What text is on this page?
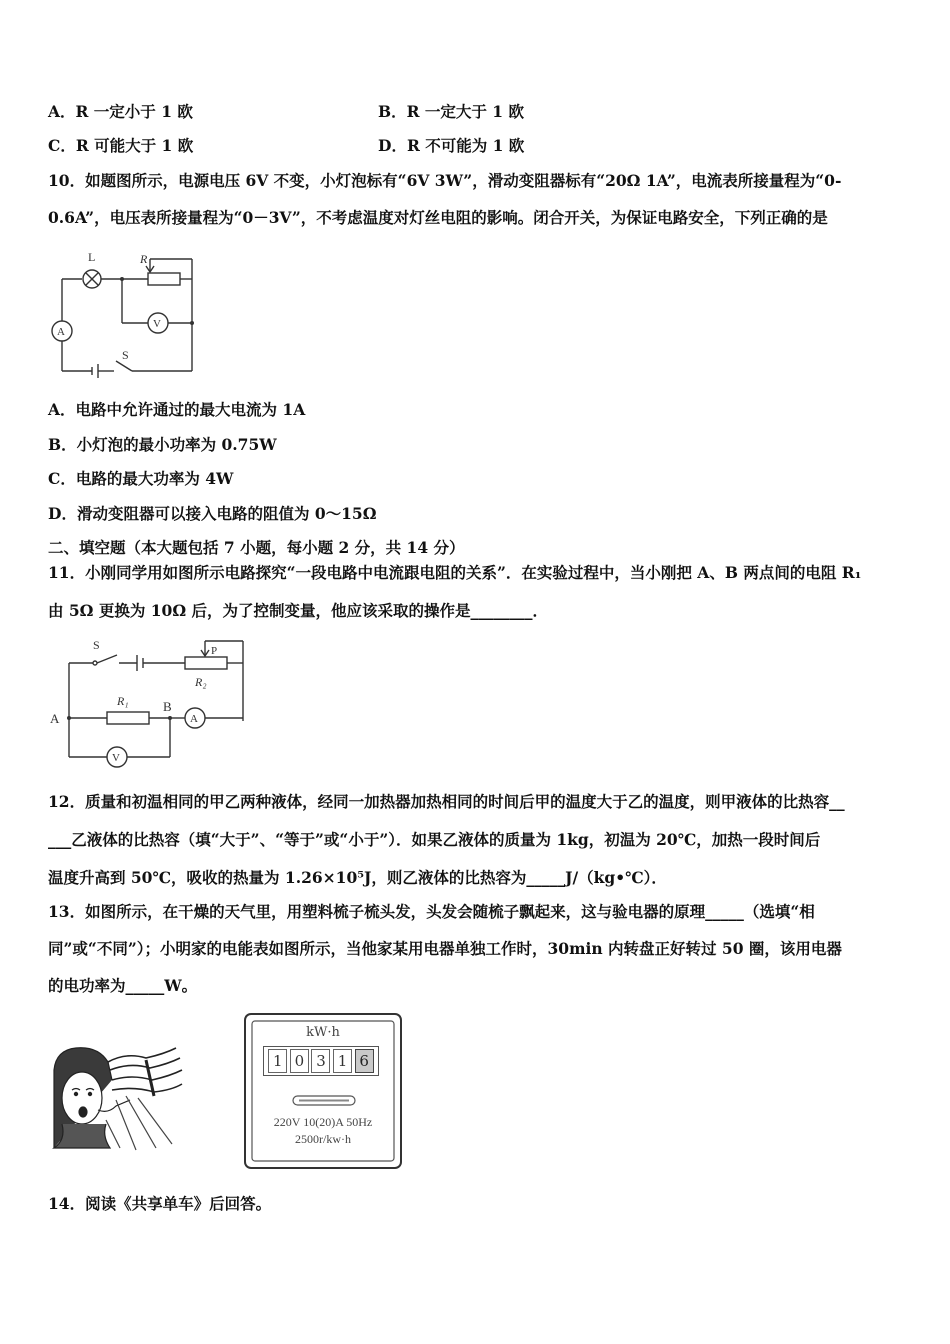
A．R 一定小于 1 欧	B．R 一定大于 1 欧
C．R 可能大于 1 欧	D．R 不可能为 1 欧
10．如题图所示，电源电压 6V 不变，小灯泡标有“6V 3W”，滑动变阻器标有“20Ω 1A”，电流表所接量程为“0-
0.6A”，电压表所接量程为“0－3V”，不考虑温度对灯丝电阻的影响。闭合开关，为保证电路安全，下列正确的是
L	R
A
V
S
A．电路中允许通过的最大电流为 1A
B．小灯泡的最小功率为 0.75W
C．电路的最大功率为 4W
D．滑动变阻器可以接入电路的阻值为 0～15Ω
二、填空题（本大题包括 7 小题，每小题 2 分，共 14 分）
11．小刚同学用如图所示电路探究“一段电路中电流跟电阻的关系”．在实验过程中，当小刚把 A、B 两点间的电阻 R₁
由 5Ω 更换为 10Ω 后，为了控制变量，他应该采取的操作是________．
S	P
R₂
R₁
A
B
A
V
12．质量和初温相同的甲乙两种液体，经同一加热器加热相同的时间后甲的温度大于乙的温度，则甲液体的比热容__
___乙液体的比热容（填“大于”、“等于”或“小于”）．如果乙液体的质量为 1kg，初温为 20℃，加热一段时间后
温度升高到 50℃，吸收的热量为 1.26×10⁵J，则乙液体的比热容为_____J/（kg•℃）．
13．如图所示，在干燥的天气里，用塑料梳子梳头发，头发会随梳子飘起来，这与验电器的原理_____（选填“相
同”或“不同”）；小明家的电能表如图所示，当他家某用电器单独工作时，30min 内转盘正好转过 50 圈，该用电器
的电功率为_____W。
kW·h
1 0 3 1 6
220V 10(20)A 50Hz
2500r/kw·h
14．阅读《共享单车》后回答。
